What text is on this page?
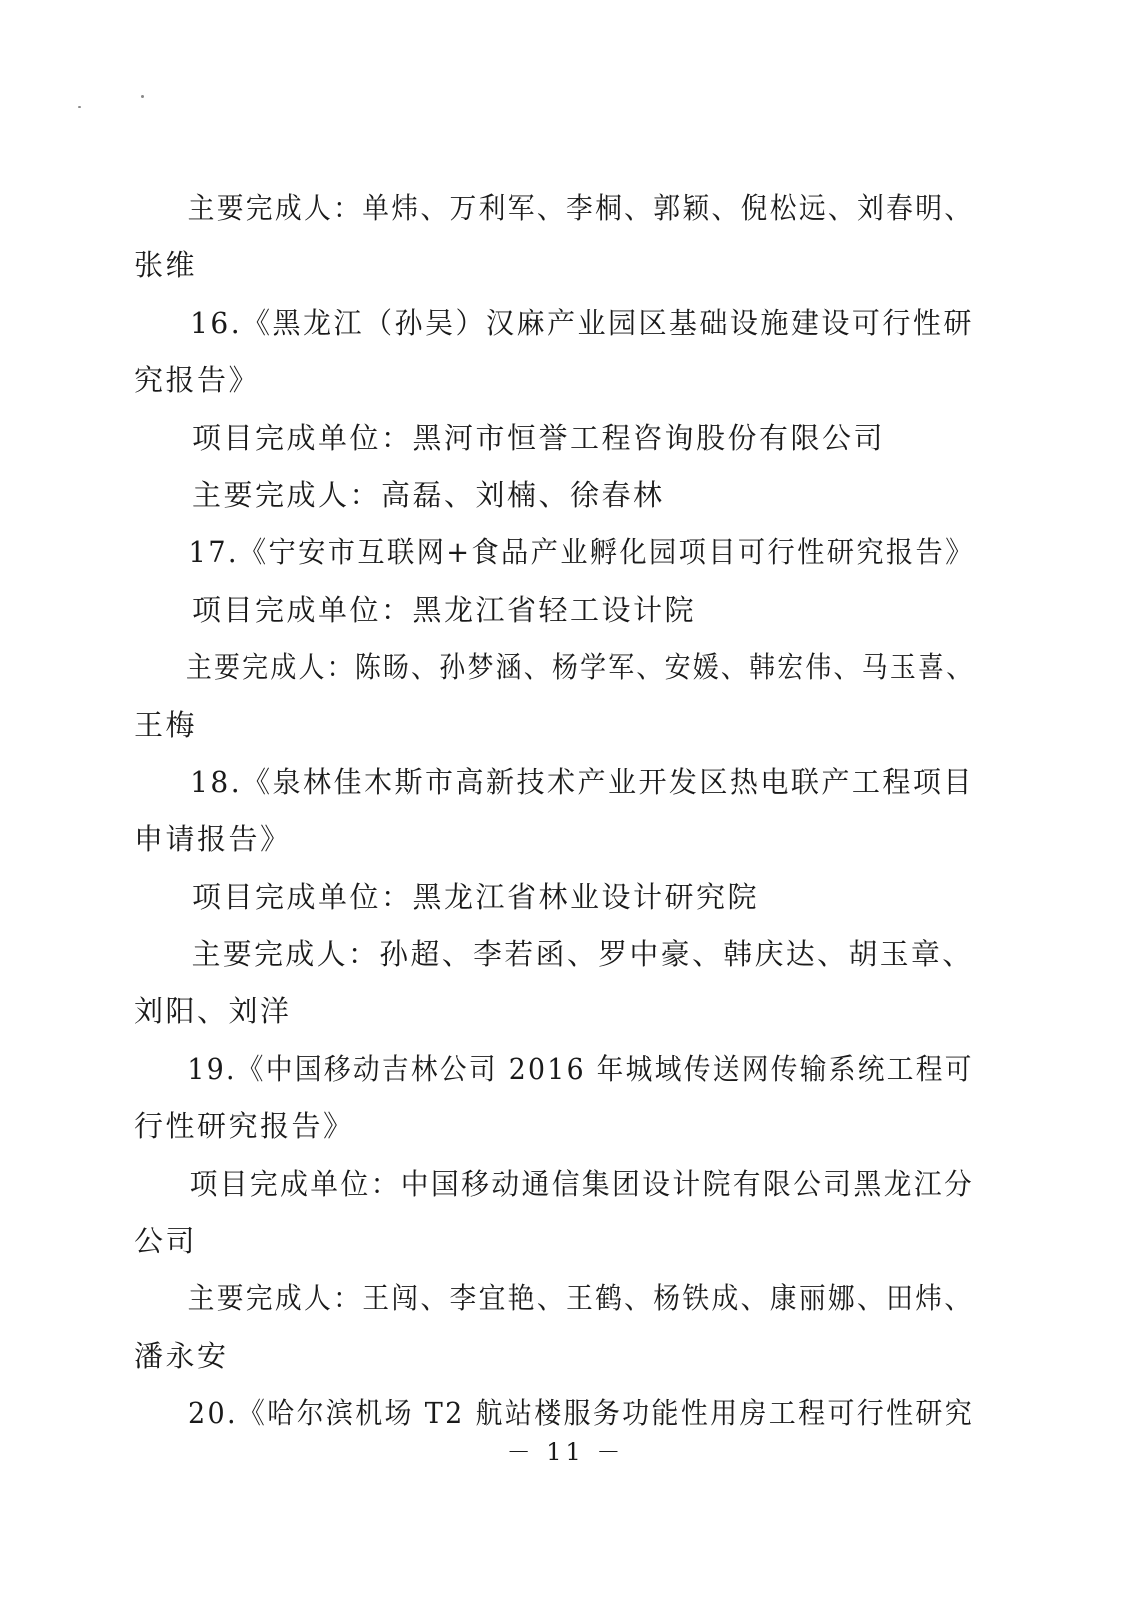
主要完成人：单炜、万利军、李桐、郭颖、倪松远、刘春明、
张维
16.《黑龙江（孙吴）汉麻产业园区基础设施建设可行性研
究报告》
项目完成单位：黑河市恒誉工程咨询股份有限公司
主要完成人：高磊、刘楠、徐春林
17.《宁安市互联网+食品产业孵化园项目可行性研究报告》
项目完成单位：黑龙江省轻工设计院
主要完成人：陈旸、孙梦涵、杨学军、安媛、韩宏伟、马玉喜、
王梅
18.《泉林佳木斯市高新技术产业开发区热电联产工程项目
申请报告》
项目完成单位：黑龙江省林业设计研究院
主要完成人：孙超、李若函、罗中豪、韩庆达、胡玉章、
刘阳、刘洋
19.《中国移动吉林公司 2016 年城域传送网传输系统工程可
行性研究报告》
项目完成单位：中国移动通信集团设计院有限公司黑龙江分
公司
主要完成人：王闯、李宜艳、王鹤、杨铁成、康丽娜、田炜、
潘永安
20.《哈尔滨机场 T2 航站楼服务功能性用房工程可行性研究
－ 11 －
